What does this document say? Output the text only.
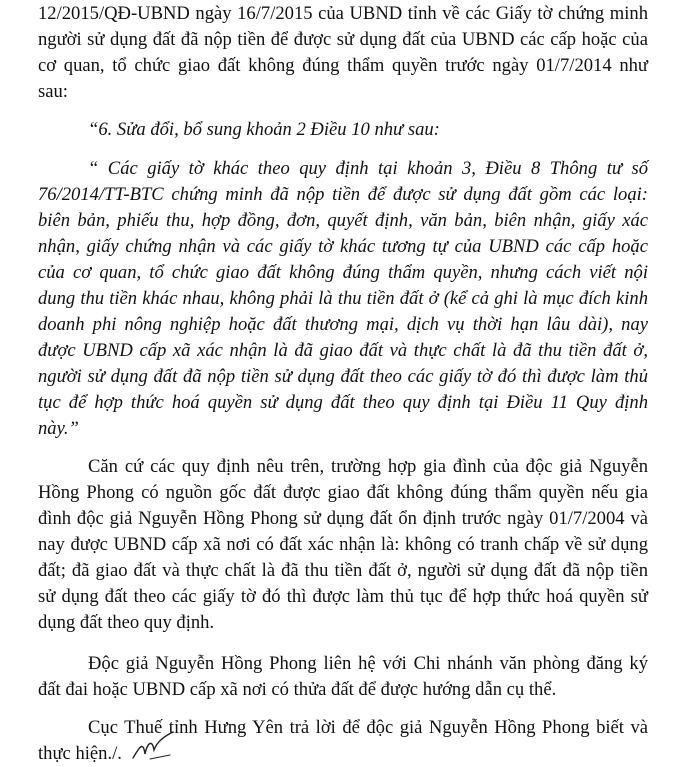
12/2015/QĐ-UBND ngày 16/7/2015 của UBND tỉnh về các Giấy tờ chứng minh
người sử dụng đất đã nộp tiền để được sử dụng đất của UBND các cấp hoặc của
cơ quan, tổ chức giao đất không đúng thẩm quyền trước ngày 01/7/2014 như
sau:
“6. Sửa đổi, bổ sung khoản 2 Điều 10 như sau:
“ Các giấy tờ khác theo quy định tại khoản 3, Điều 8 Thông tư số
76/2014/TT-BTC chứng minh đã nộp tiền để được sử dụng đất gồm các loại:
biên bản, phiếu thu, hợp đồng, đơn, quyết định, văn bản, biên nhận, giấy xác
nhận, giấy chứng nhận và các giấy tờ khác tương tự của UBND các cấp hoặc
của cơ quan, tổ chức giao đất không đúng thẩm quyền, nhưng cách viết nội
dung thu tiền khác nhau, không phải là thu tiền đất ở (kể cả ghi là mục đích kinh
doanh phi nông nghiệp hoặc đất thương mại, dịch vụ thời hạn lâu dài), nay
được UBND cấp xã xác nhận là đã giao đất và thực chất là đã thu tiền đất ở,
người sử dụng đất đã nộp tiền sử dụng đất theo các giấy tờ đó thì được làm thủ
tục để hợp thức hoá quyền sử dụng đất theo quy định tại Điều 11 Quy định
này.”
Căn cứ các quy định nêu trên, trường hợp gia đình của độc giả Nguyễn
Hồng Phong có nguồn gốc đất được giao đất không đúng thẩm quyền nếu gia
đình độc giả Nguyễn Hồng Phong sử dụng đất ổn định trước ngày 01/7/2004 và
nay được UBND cấp xã nơi có đất xác nhận là: không có tranh chấp về sử dụng
đất; đã giao đất và thực chất là đã thu tiền đất ở, người sử dụng đất đã nộp tiền
sử dụng đất theo các giấy tờ đó thì được làm thủ tục để hợp thức hoá quyền sử
dụng đất theo quy định.
Độc giả Nguyễn Hồng Phong liên hệ với Chi nhánh văn phòng đăng ký
đất đai hoặc UBND cấp xã nơi có thửa đất để được hướng dẫn cụ thể.
Cục Thuế tỉnh Hưng Yên trả lời để độc giả Nguyễn Hồng Phong biết và
thực hiện./.
